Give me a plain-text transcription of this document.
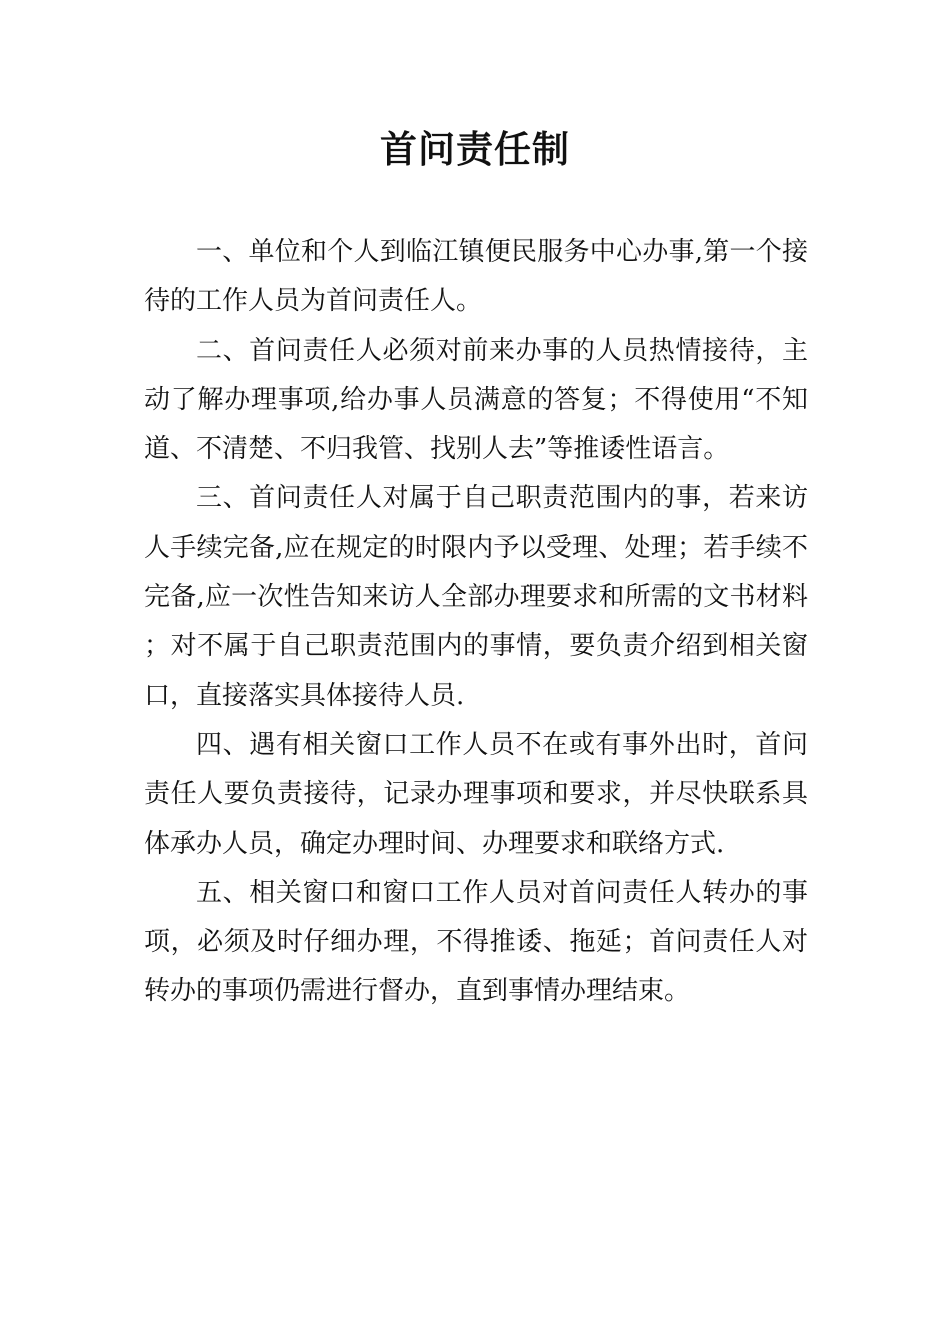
首问责任制

一、单位和个人到临江镇便民服务中心办事,第一个接待的工作人员为首问责任人。

二、首问责任人必须对前来办事的人员热情接待，主动了解办理事项,给办事人员满意的答复；不得使用“不知道、不清楚、不归我管、找别人去”等推诿性语言。

三、首问责任人对属于自己职责范围内的事，若来访人手续完备,应在规定的时限内予以受理、处理；若手续不完备,应一次性告知来访人全部办理要求和所需的文书材料；对不属于自己职责范围内的事情，要负责介绍到相关窗口，直接落实具体接待人员.

四、遇有相关窗口工作人员不在或有事外出时，首问责任人要负责接待，记录办理事项和要求，并尽快联系具体承办人员，确定办理时间、办理要求和联络方式.

五、相关窗口和窗口工作人员对首问责任人转办的事项，必须及时仔细办理，不得推诿、拖延；首问责任人对转办的事项仍需进行督办，直到事情办理结束。
